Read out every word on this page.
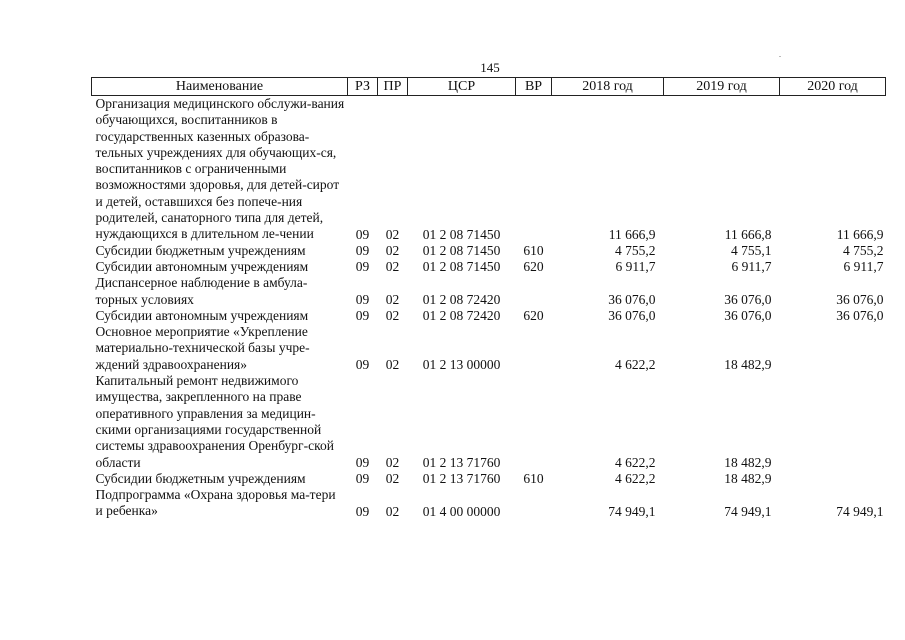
145
Наименование	РЗ	ПР	ЦСР	ВР	2018 год	2019 год	2020 год
Организация медицинского обслужи-вания обучающихся, воспитанников в государственных казенных образова-тельных учреждениях для обучающих-ся, воспитанников с ограниченными возможностями здоровья, для детей-сирот и детей, оставшихся без попече-ния родителей, санаторного типа для детей, нуждающихся в длительном ле-чении	09	02	01 2 08 71450		11 666,9	11 666,8	11 666,9
Субсидии бюджетным учреждениям	09	02	01 2 08 71450	610	4 755,2	4 755,1	4 755,2
Субсидии автономным учреждениям	09	02	01 2 08 71450	620	6 911,7	6 911,7	6 911,7
Диспансерное наблюдение в амбула-торных условиях	09	02	01 2 08 72420		36 076,0	36 076,0	36 076,0
Субсидии автономным учреждениям	09	02	01 2 08 72420	620	36 076,0	36 076,0	36 076,0
Основное мероприятие «Укрепление материально-технической базы учре-ждений здравоохранения»	09	02	01 2 13 00000		4 622,2	18 482,9	
Капитальный ремонт недвижимого имущества, закрепленного на праве оперативного управления за медицин-скими организациями государственной системы здравоохранения Оренбург-ской области	09	02	01 2 13 71760		4 622,2	18 482,9	
Субсидии бюджетным учреждениям	09	02	01 2 13 71760	610	4 622,2	18 482,9	
Подпрограмма «Охрана здоровья ма-тери и ребенка»	09	02	01 4 00 00000		74 949,1	74 949,1	74 949,1
